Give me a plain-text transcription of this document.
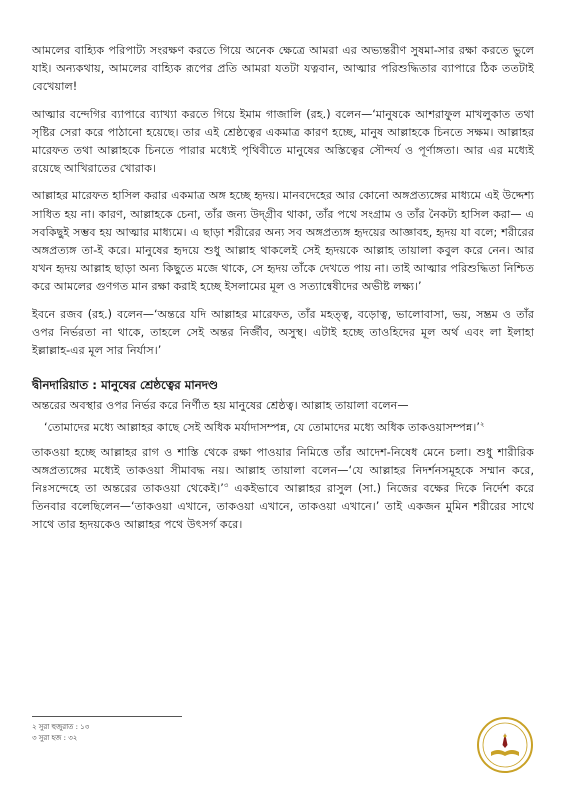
আমলের বাহ্যিক পরিপাট্য সংরক্ষণ করতে গিয়ে অনেক ক্ষেত্রে আমরা এর অভ্যন্তরীণ সুষমা-সার রক্ষা করতে ভুলে যাই। অন্যকথায়, আমলের বাহ্যিক রূপের প্রতি আমরা যতটা যত্নবান, আত্মার পরিশুদ্ধিতার ব্যাপারে ঠিক ততটাই বেখেয়াল!

আত্মার বন্দেগির ব্যাপারে ব্যাখ্যা করতে গিয়ে ইমাম গাজালি (রহ.) বলেন—‘মানুষকে আশরাফুল মাখলুকাত তথা সৃষ্টির সেরা করে পাঠানো হয়েছে। তার এই শ্রেষ্ঠত্বের একমাত্র কারণ হচ্ছে, মানুষ আল্লাহকে চিনতে সক্ষম। আল্লাহর মারেফত তথা আল্লাহকে চিনতে পারার মধ্যেই পৃথিবীতে মানুষের অস্তিত্বের সৌন্দর্য ও পূর্ণাঙ্গতা। আর এর মধ্যেই রয়েছে আখিরাতের খোরাক।

আল্লাহর মারেফত হাসিল করার একমাত্র অঙ্গ হচ্ছে হৃদয়। মানবদেহের আর কোনো অঙ্গপ্রত্যঙ্গের মাধ্যমে এই উদ্দেশ্য সাধিত হয় না। কারণ, আল্লাহকে চেনা, তাঁর জন্য উদ্গ্রীব থাকা, তাঁর পথে সংগ্রাম ও তাঁর নৈকট্য হাসিল করা— এ সবকিছুই সম্ভব হয় আত্মার মাধ্যমে। এ ছাড়া শরীরের অন্য সব অঙ্গপ্রত্যঙ্গ হৃদয়ের আজ্ঞাবহ, হৃদয় যা বলে; শরীরের অঙ্গপ্রত্যঙ্গ তা-ই করে। মানুষের হৃদয়ে শুধু আল্লাহ থাকলেই সেই হৃদয়কে আল্লাহ তায়ালা কবুল করে নেন। আর যখন হৃদয় আল্লাহ ছাড়া অন্য কিছুতে মজে থাকে, সে হৃদয় তাঁকে দেখতে পায় না। তাই আত্মার পরিশুদ্ধিতা নিশ্চিত করে আমলের গুণগত মান রক্ষা করাই হচ্ছে ইসলামের মূল ও সত্যান্বেষীদের অভীষ্ট লক্ষ্য।’

ইবনে রজব (রহ.) বলেন—‘অন্তরে যদি আল্লাহর মারেফত, তাঁর মহত্ত্ব, বড়োত্ব, ভালোবাসা, ভয়, সম্ভ্রম ও তাঁর ওপর নির্ভরতা না থাকে, তাহলে সেই অন্তর নির্জীব, অসুস্থ। এটাই হচ্ছে তাওহিদের মূল অর্থ এবং লা ইলাহা ইল্লাল্লাহ-এর মূল সার নির্যাস।’

দ্বীনদারিয়াত : মানুষের শ্রেষ্ঠত্বের মানদণ্ড

অন্তরের অবস্থার ওপর নির্ভর করে নির্ণীত হয় মানুষের শ্রেষ্ঠত্ব। আল্লাহ তায়ালা বলেন—

‘তোমাদের মধ্যে আল্লাহর কাছে সেই অধিক মর্যাদাসম্পন্ন, যে তোমাদের মধ্যে অধিক তাকওয়াসম্পন্ন।’$^২$

তাকওয়া হচ্ছে আল্লাহর রাগ ও শাস্তি থেকে রক্ষা পাওয়ার নিমিত্তে তাঁর আদেশ-নিষেধ মেনে চলা। শুধু শারীরিক অঙ্গপ্রত্যঙ্গের মধ্যেই তাকওয়া সীমাবদ্ধ নয়। আল্লাহ তায়ালা বলেন—‘যে আল্লাহর নিদর্শনসমূহকে সম্মান করে, নিঃসন্দেহে তা অন্তরের তাকওয়া থেকেই।’$^৩$ একইভাবে আল্লাহর রাসুল (সা.) নিজের বক্ষের দিকে নির্দেশ করে তিনবার বলেছিলেন—‘তাকওয়া এখানে, তাকওয়া এখানে, তাকওয়া এখানে।’ তাই একজন মুমিন শরীরের সাথে সাথে তার হৃদয়কেও আল্লাহর পথে উৎসর্গ করে।

২ সুরা হুজুরাত : ১৩
৩ সুরা হজ : ৩২
